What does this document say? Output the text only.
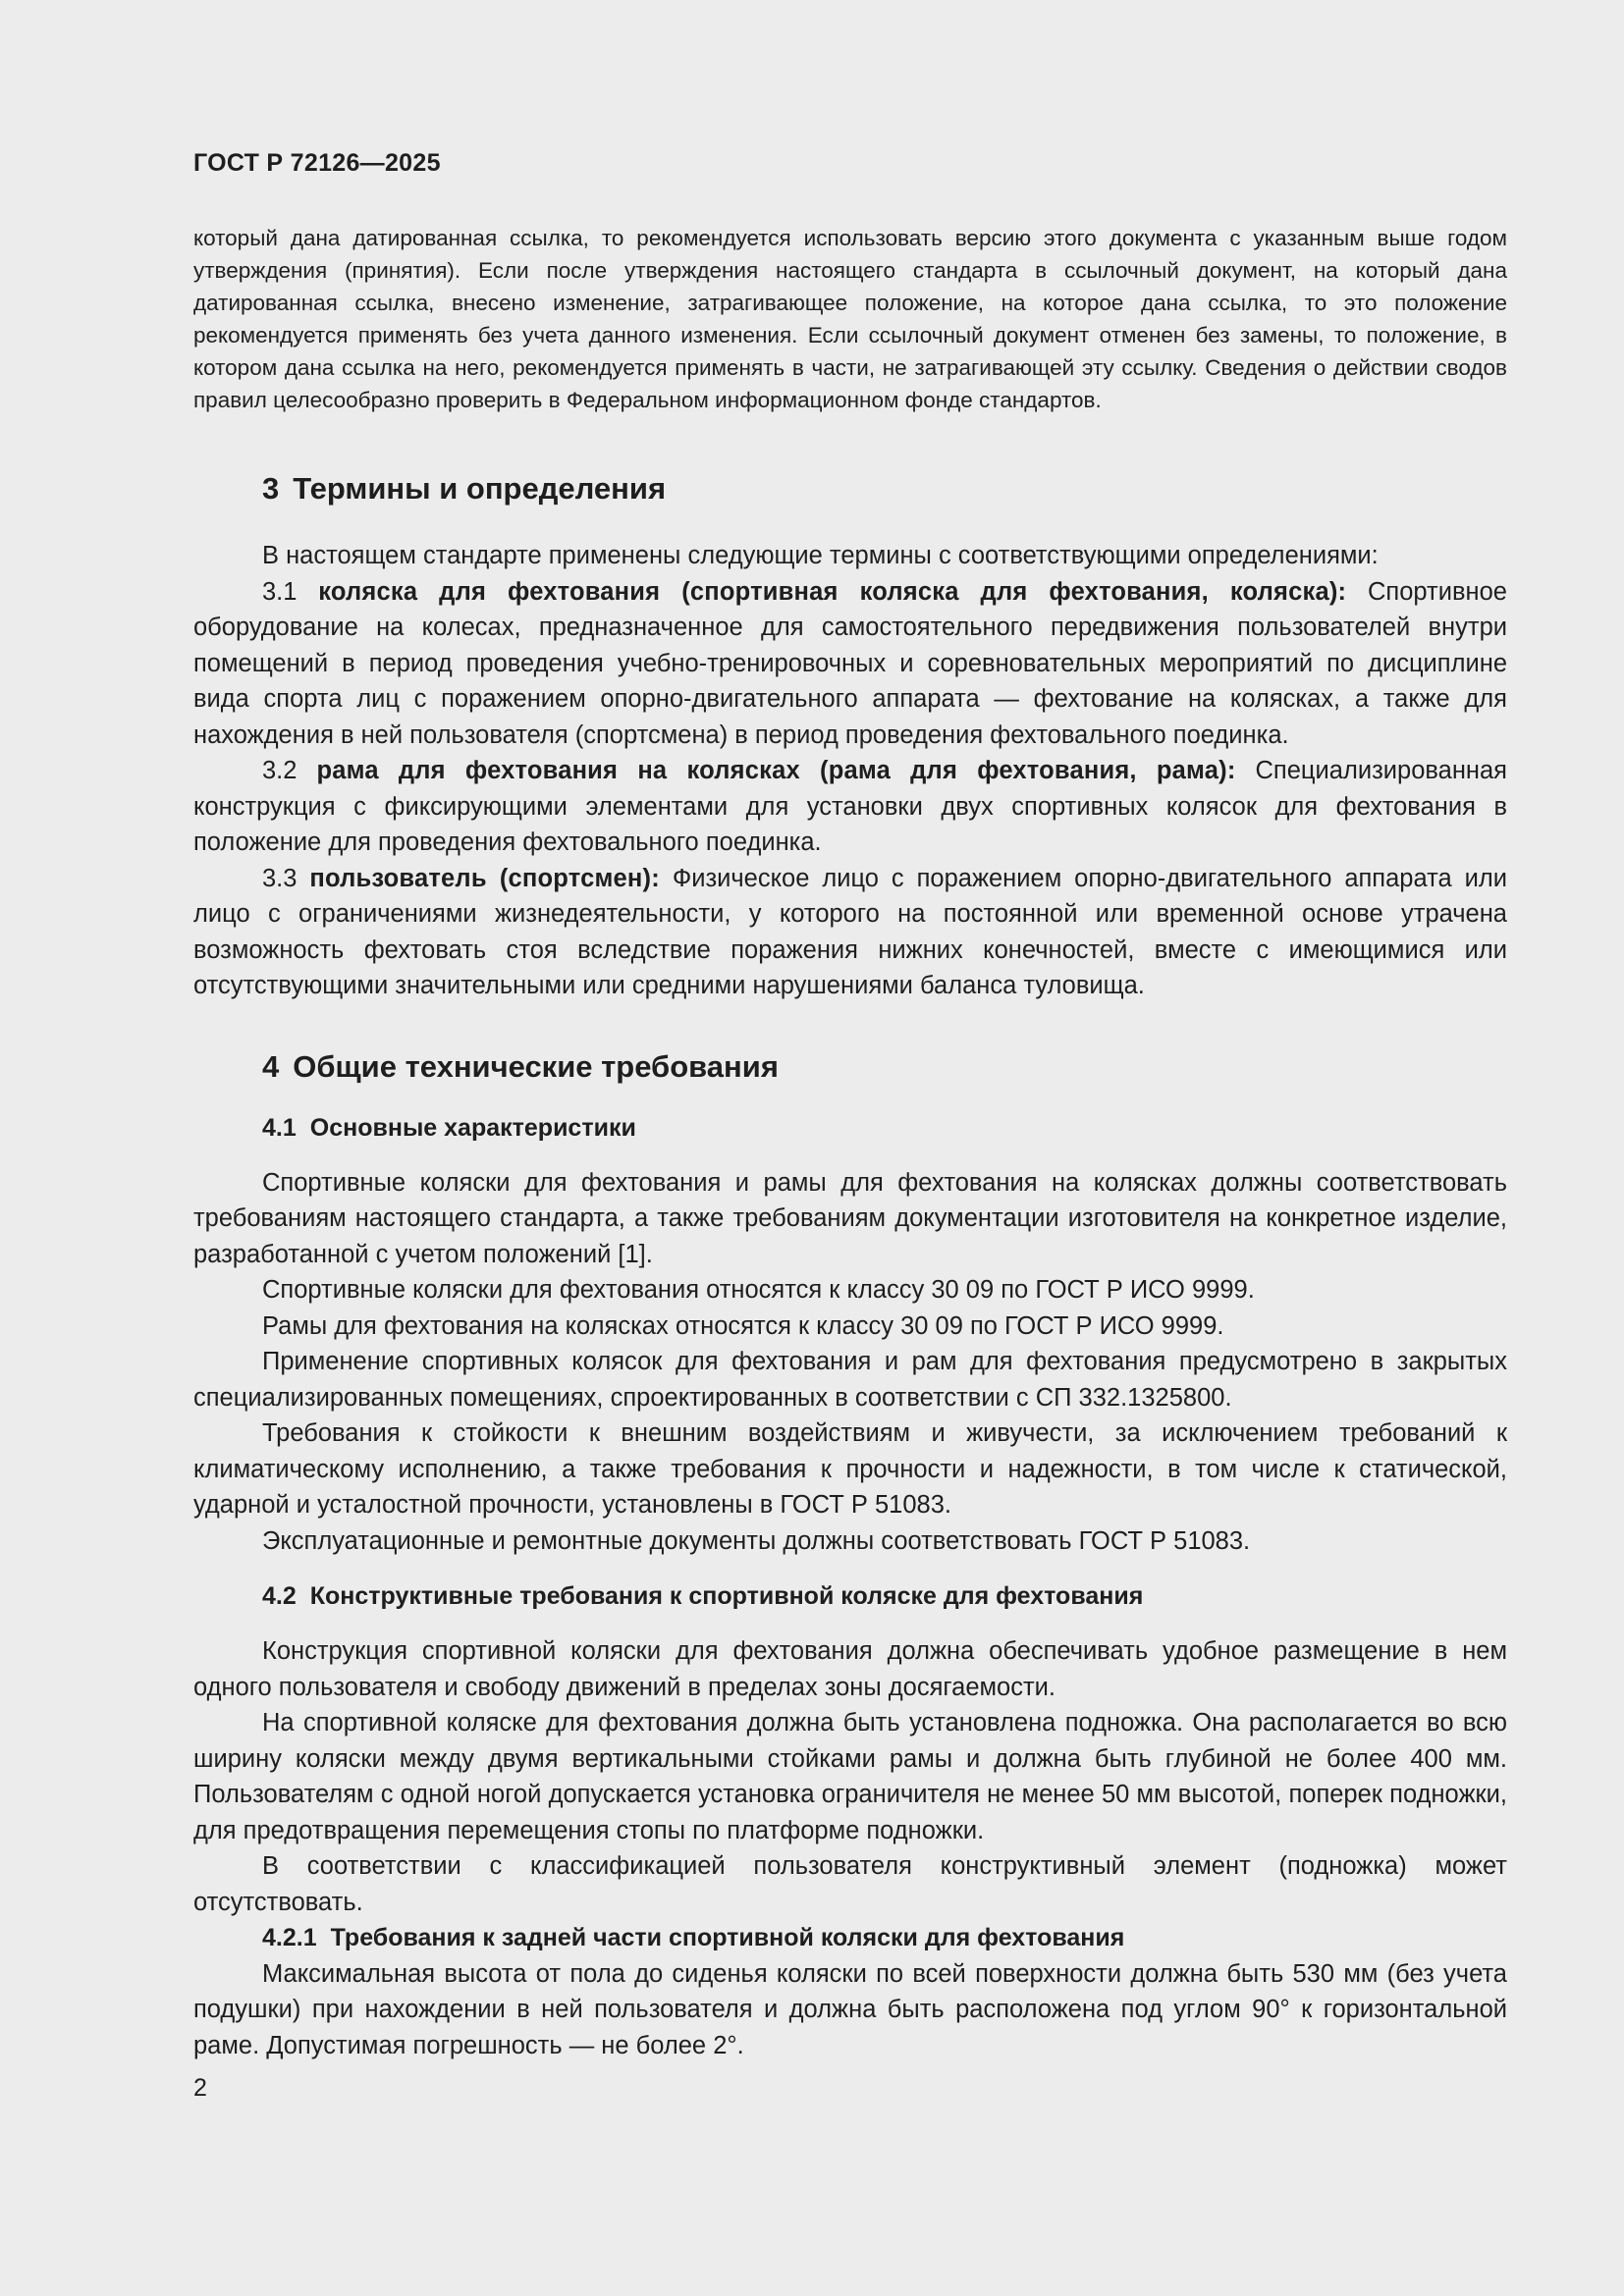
ГОСТ Р 72126—2025
который дана датированная ссылка, то рекомендуется использовать версию этого документа с указанным выше годом утверждения (принятия). Если после утверждения настоящего стандарта в ссылочный документ, на который дана датированная ссылка, внесено изменение, затрагивающее положение, на которое дана ссылка, то это положение рекомендуется применять без учета данного изменения. Если ссылочный документ отменен без замены, то положение, в котором дана ссылка на него, рекомендуется применять в части, не затрагивающей эту ссылку. Сведения о действии сводов правил целесообразно проверить в Федеральном информационном фонде стандартов.
3 Термины и определения

В настоящем стандарте применены следующие термины с соответствующими определениями:

3.1 коляска для фехтования (спортивная коляска для фехтования, коляска): Спортивное оборудование на колесах, предназначенное для самостоятельного передвижения пользователей внутри помещений в период проведения учебно-тренировочных и соревновательных мероприятий по дисциплине вида спорта лиц с поражением опорно-двигательного аппарата — фехтование на колясках, а также для нахождения в ней пользователя (спортсмена) в период проведения фехтовального поединка.

3.2 рама для фехтования на колясках (рама для фехтования, рама): Специализированная конструкция с фиксирующими элементами для установки двух спортивных колясок для фехтования в положение для проведения фехтовального поединка.

3.3 пользователь (спортсмен): Физическое лицо с поражением опорно-двигательного аппарата или лицо с ограничениями жизнедеятельности, у которого на постоянной или временной основе утрачена возможность фехтовать стоя вследствие поражения нижних конечностей, вместе с имеющимися или отсутствующими значительными или средними нарушениями баланса туловища.

4 Общие технические требования
4.1 Основные характеристики

Спортивные коляски для фехтования и рамы для фехтования на колясках должны соответствовать требованиям настоящего стандарта, а также требованиям документации изготовителя на конкретное изделие, разработанной с учетом положений [1].

Спортивные коляски для фехтования относятся к классу 30 09 по ГОСТ Р ИСО 9999.

Рамы для фехтования на колясках относятся к классу 30 09 по ГОСТ Р ИСО 9999.

Применение спортивных колясок для фехтования и рам для фехтования предусмотрено в закрытых специализированных помещениях, спроектированных в соответствии с СП 332.1325800.

Требования к стойкости к внешним воздействиям и живучести, за исключением требований к климатическому исполнению, а также требования к прочности и надежности, в том числе к статической, ударной и усталостной прочности, установлены в ГОСТ Р 51083.

Эксплуатационные и ремонтные документы должны соответствовать ГОСТ Р 51083.

4.2 Конструктивные требования к спортивной коляске для фехтования

Конструкция спортивной коляски для фехтования должна обеспечивать удобное размещение в нем одного пользователя и свободу движений в пределах зоны досягаемости.

На спортивной коляске для фехтования должна быть установлена подножка. Она располагается во всю ширину коляски между двумя вертикальными стойками рамы и должна быть глубиной не более 400 мм. Пользователям с одной ногой допускается установка ограничителя не менее 50 мм высотой, поперек подножки, для предотвращения перемещения стопы по платформе подножки.

В соответствии с классификацией пользователя конструктивный элемент (подножка) может отсутствовать.

4.2.1 Требования к задней части спортивной коляски для фехтования

Максимальная высота от пола до сиденья коляски по всей поверхности должна быть 530 мм (без учета подушки) при нахождении в ней пользователя и должна быть расположена под углом 90° к горизонтальной раме. Допустимая погрешность — не более 2°.

2
